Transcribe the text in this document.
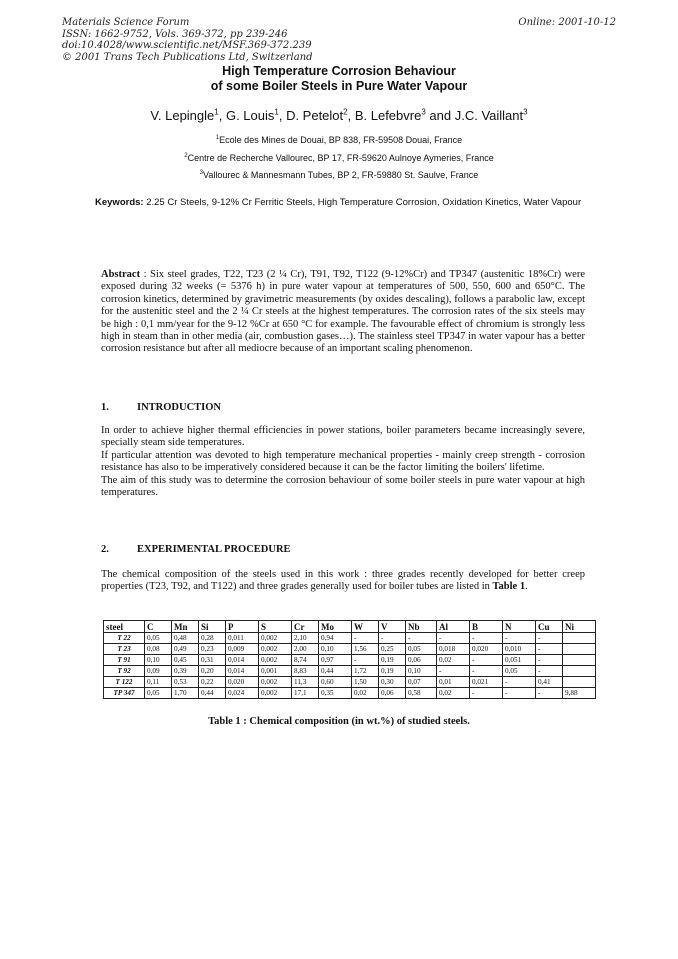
Materials Science Forum
ISSN: 1662-9752, Vols. 369-372, pp 239-246
doi:10.4028/www.scientific.net/MSF.369-372.239
© 2001 Trans Tech Publications Ltd, Switzerland
Online: 2001-10-12
High Temperature Corrosion Behaviour
of some Boiler Steels in Pure Water Vapour
V. Lepingle$^1$, G. Louis$^1$, D. Petelot$^2$, B. Lefebvre$^3$ and J.C. Vaillant$^3$
$^1$Ecole des Mines de Douai, BP 838, FR-59508 Douai, France
$^2$Centre de Recherche Vallourec, BP 17, FR-59620 Aulnoye Aymeries, France
$^3$Vallourec & Mannesmann Tubes, BP 2, FR-59880 St. Saulve, France
Keywords: 2.25 Cr Steels, 9-12% Cr Ferritic Steels, High Temperature Corrosion, Oxidation Kinetics, Water Vapour
Abstract : Six steel grades, T22, T23 (2 ¼ Cr), T91, T92, T122 (9-12%Cr) and TP347 (austenitic 18%Cr) were exposed during 32 weeks (= 5376 h) in pure water vapour at temperatures of 500, 550, 600 and 650°C. The corrosion kinetics, determined by gravimetric measurements (by oxides descaling), follows a parabolic law, except for the austenitic steel and the 2 ¼ Cr steels at the highest temperatures. The corrosion rates of the six steels may be high : 0,1 mm/year for the 9-12 %Cr at 650 °C for example. The favourable effect of chromium is strongly less high in steam than in other media (air, combustion gases…). The stainless steel TP347 in water vapour has a better corrosion resistance but after all mediocre because of an important scaling phenomenon.
1.	INTRODUCTION

In order to achieve higher thermal efficiencies in power stations, boiler parameters became increasingly severe, specially steam side temperatures.

If particular attention was devoted to high temperature mechanical properties - mainly creep strength - corrosion resistance has also to be imperatively considered because it can be the factor limiting the boilers' lifetime.

The aim of this study was to determine the corrosion behaviour of some boiler steels in pure water vapour at high temperatures.

2.	EXPERIMENTAL PROCEDURE

The chemical composition of the steels used in this work : three grades recently developed for better creep properties (T23, T92, and T122) and three grades generally used for boiler tubes are listed in Table 1.

steel	C	Mn	Si	P	S	Cr	Mo	W	V	Nb	Al	B	N	Cu	Ni
T 22	0,05	0,48	0,28	0,011	0,002	2,10	0,94	-	-	-	-	-	-	-	
T 23	0,08	0,49	0,23	0,009	0,002	2,00	0,10	1,56	0,25	0,05	0,018	0,020	0,010	-	
T 91	0,10	0,45	0,31	0,014	0,002	8,74	0,97	-	0,19	0,06	0,02	-	0,051	-	
T 92	0,09	0,39	0,20	0,014	0,001	8,83	0,44	1,72	0,19	0,10	-	-	0,05	-	
T 122	0,11	0,53	0,22	0,020	0,002	11,3	0,60	1,50	0,30	0,07	0,01	0,021	-	0,41	
TP 347	0,05	1,70	0,44	0,024	0,002	17,1	0,35	0,02	0,06	0,58	0,02	-	-	-	9,88
Table 1 : Chemical composition (in wt.%) of studied steels.
